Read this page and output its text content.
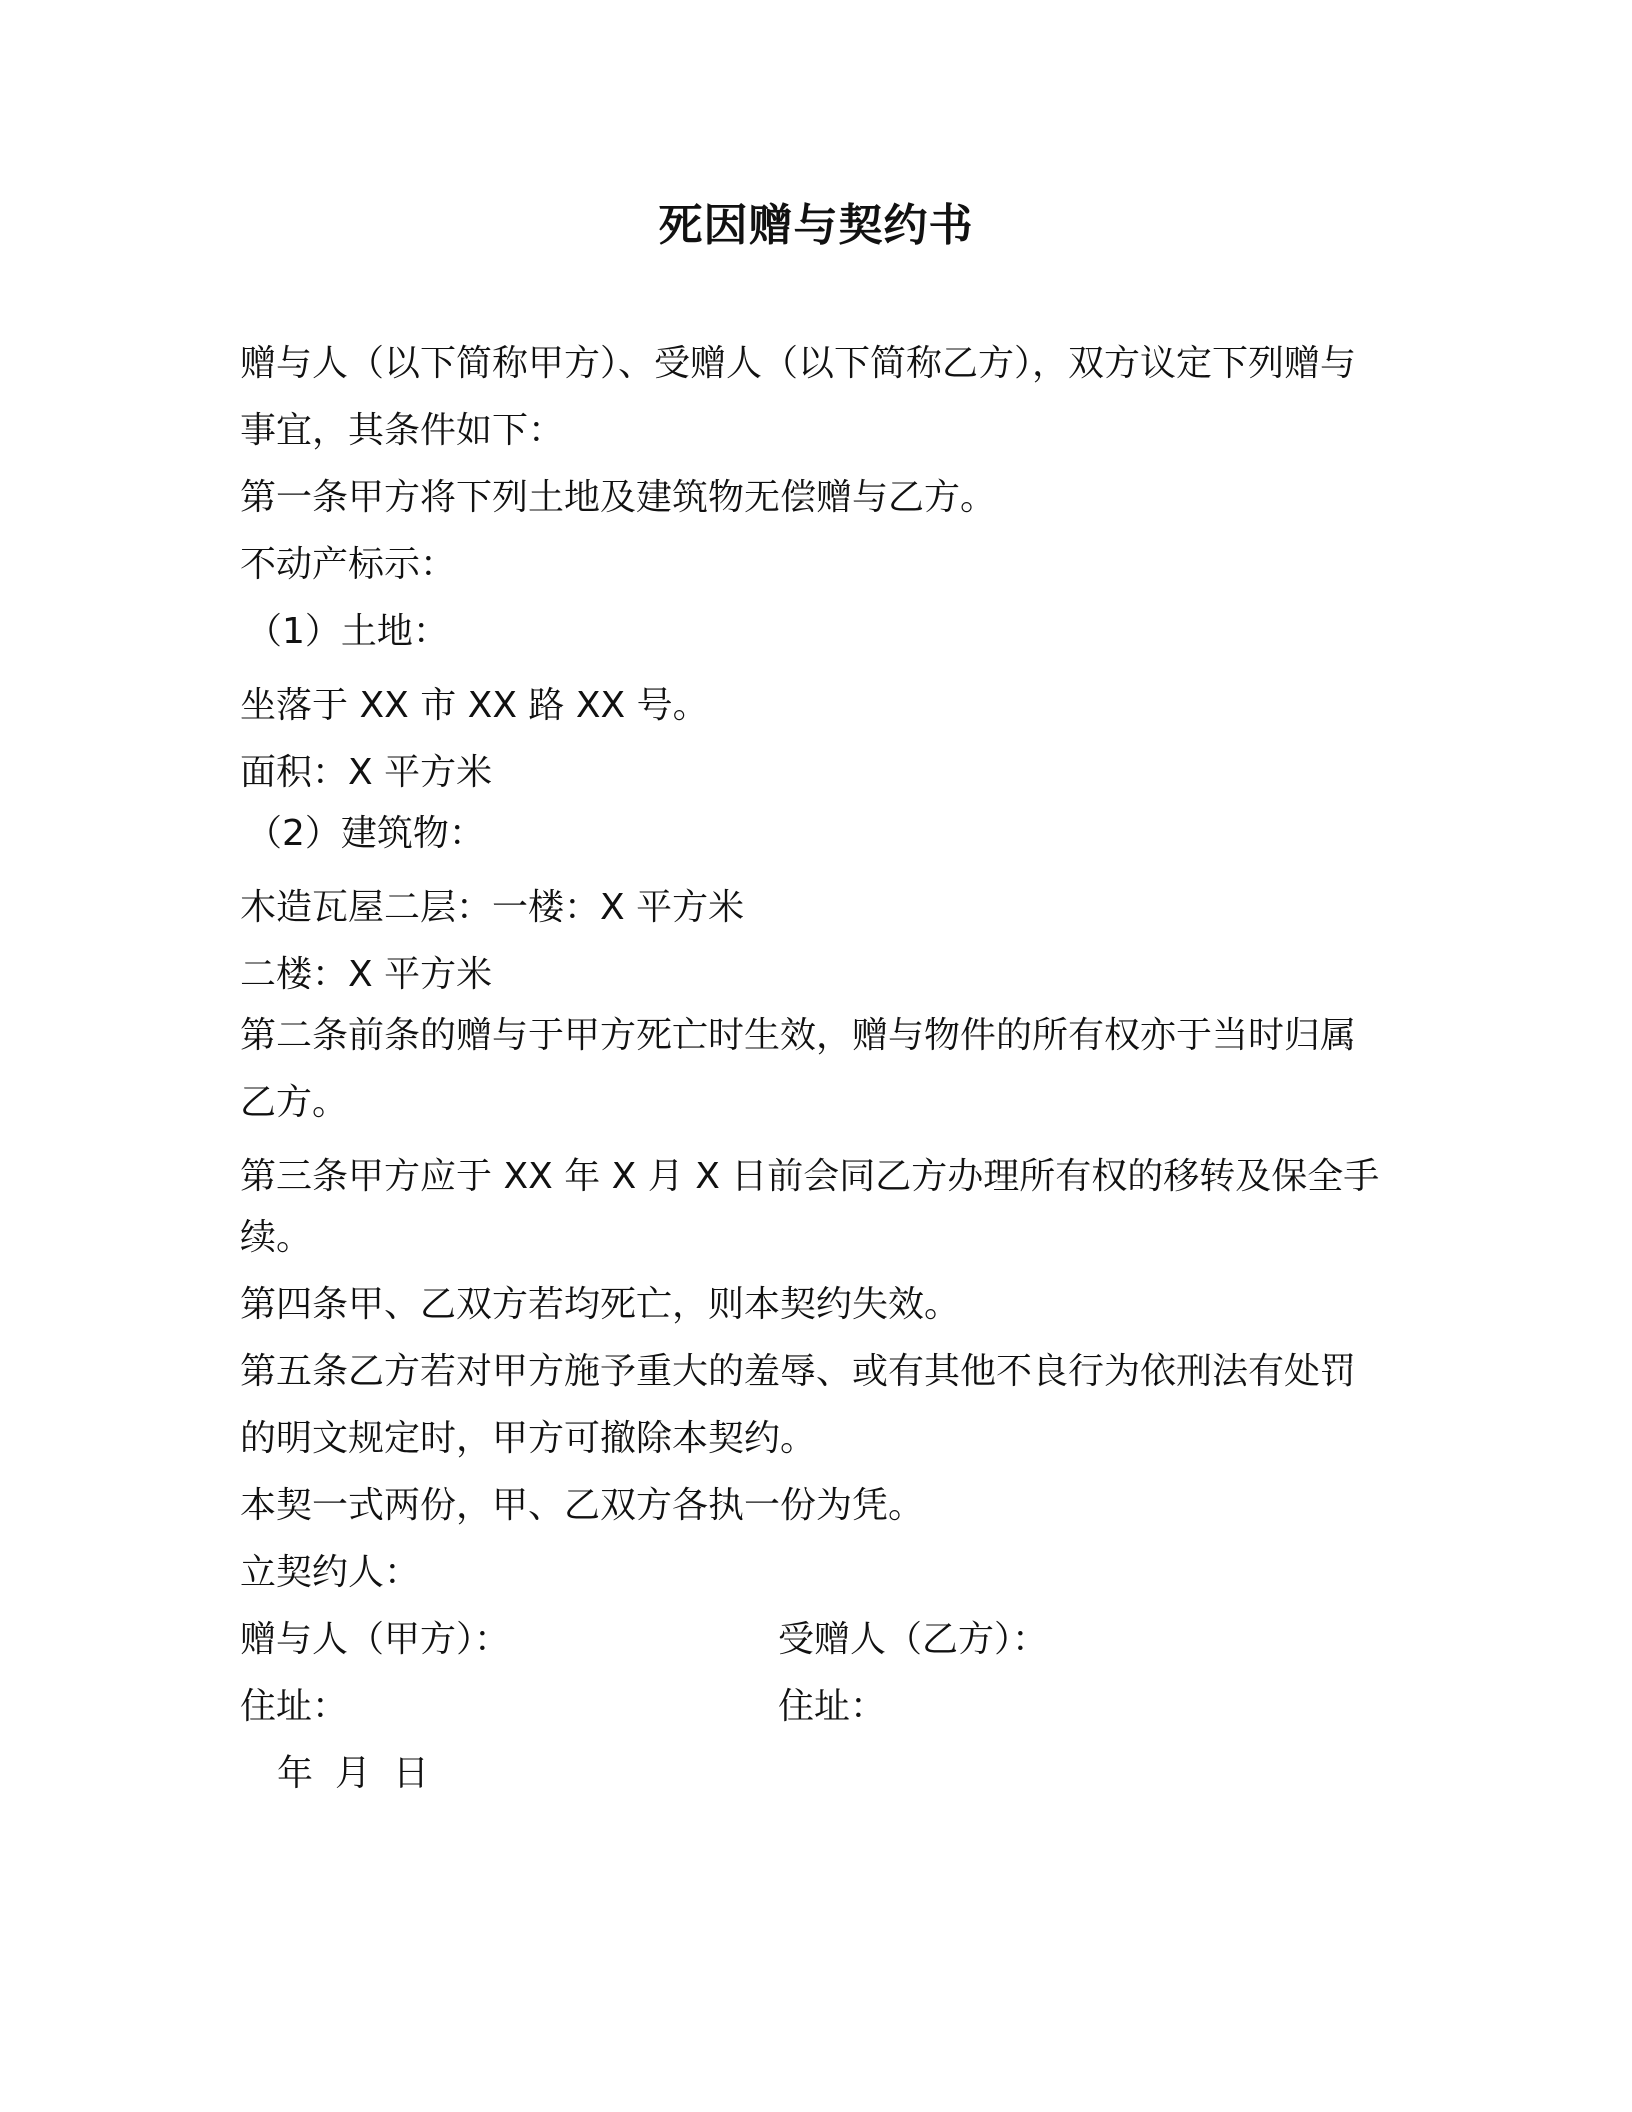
死因赠与契约书
赠与人（以下简称甲方）、受赠人（以下简称乙方），双方议定下列赠与
事宜，其条件如下：
第一条甲方将下列土地及建筑物无偿赠与乙方。
不动产标示：
（1）土地：
坐落于 XX 市 XX 路 XX 号。
面积：X 平方米
（2）建筑物：
木造瓦屋二层：一楼：X 平方米
二楼：X 平方米
第二条前条的赠与于甲方死亡时生效，赠与物件的所有权亦于当时归属
乙方。
第三条甲方应于 XX 年 X 月 X 日前会同乙方办理所有权的移转及保全手
续。
第四条甲、乙双方若均死亡，则本契约失效。
第五条乙方若对甲方施予重大的羞辱、或有其他不良行为依刑法有处罚
的明文规定时，甲方可撤除本契约。
本契一式两份，甲、乙双方各执一份为凭。
立契约人：
赠与人（甲方）：	受赠人（乙方）：
住址：	住址：
年 月 日
